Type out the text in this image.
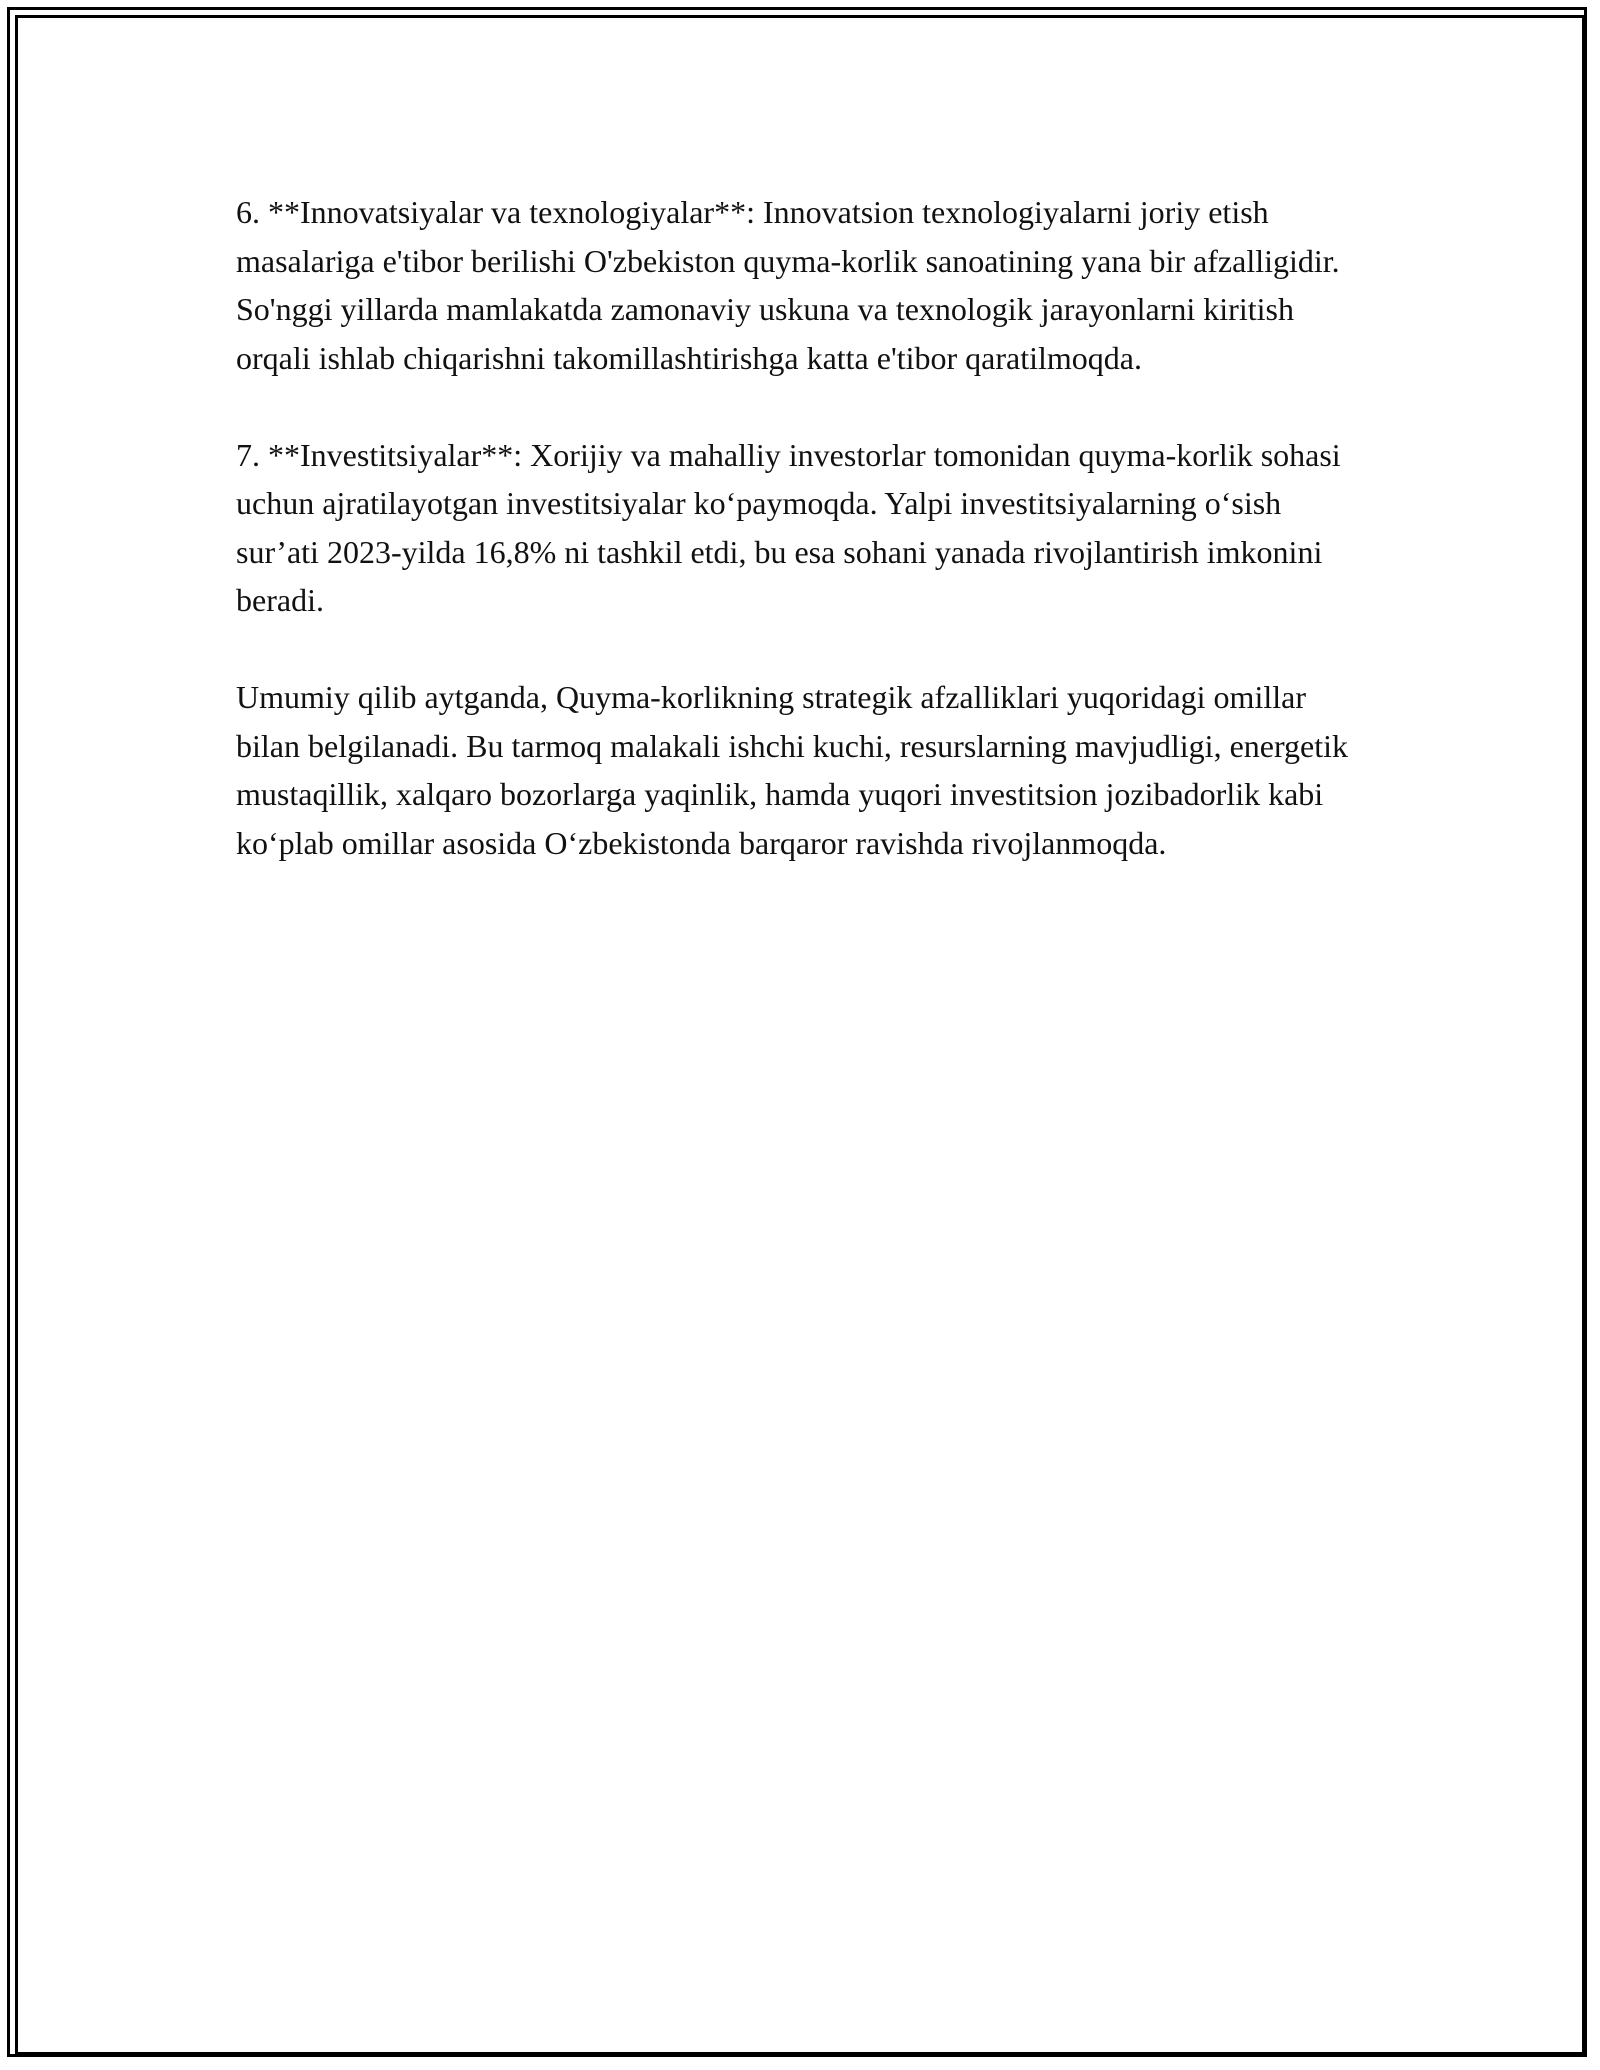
6. **Innovatsiyalar va texnologiyalar**: Innovatsion texnologiyalarni joriy etish masalariga e'tibor berilishi O'zbekiston quyma-korlik sanoatining yana bir afzalligidir. So'nggi yillarda mamlakatda zamonaviy uskuna va texnologik jarayonlarni kiritish orqali ishlab chiqarishni takomillashtirishga katta e'tibor qaratilmoqda.

7. **Investitsiyalar**: Xorijiy va mahalliy investorlar tomonidan quyma-korlik sohasi uchun ajratilayotgan investitsiyalar ko‘paymoqda. Yalpi investitsiyalarning o‘sish sur’ati 2023-yilda 16,8% ni tashkil etdi, bu esa sohani yanada rivojlantirish imkonini beradi.

Umumiy qilib aytganda, Quyma-korlikning strategik afzalliklari yuqoridagi omillar bilan belgilanadi. Bu tarmoq malakali ishchi kuchi, resurslarning mavjudligi, energetik mustaqillik, xalqaro bozorlarga yaqinlik, hamda yuqori investitsion jozibadorlik kabi ko‘plab omillar asosida O‘zbekistonda barqaror ravishda rivojlanmoqda.
